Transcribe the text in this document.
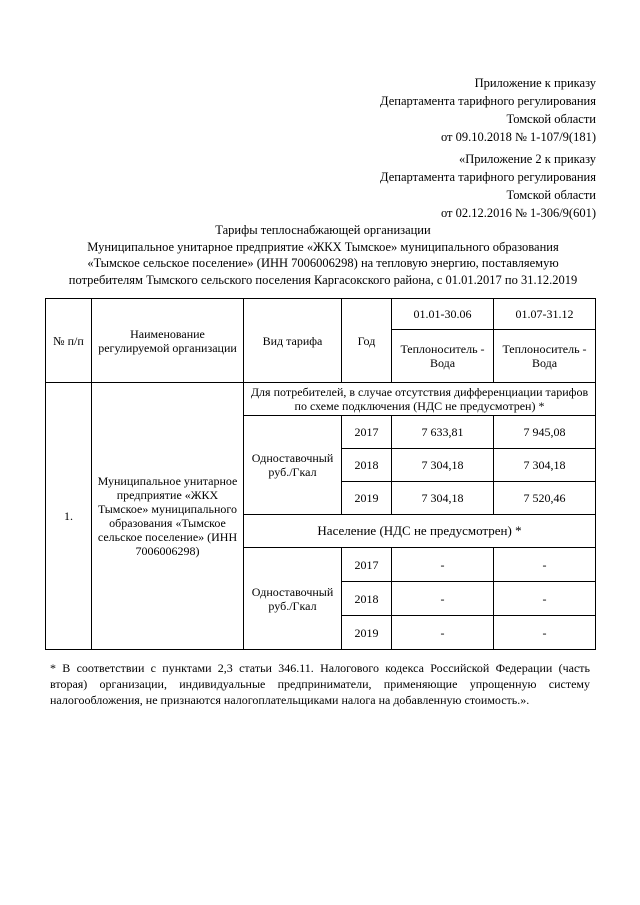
Приложение к приказу
Департамента тарифного регулирования
Томской области
от 09.10.2018 № 1-107/9(181)
«Приложение 2 к приказу
Департамента тарифного регулирования
Томской области
от 02.12.2016 № 1-306/9(601)
Тарифы теплоснабжающей организации
Муниципальное унитарное предприятие «ЖКХ Тымское» муниципального образования
«Тымское сельское поселение» (ИНН 7006006298) на тепловую энергию, поставляемую
потребителям Тымского сельского поселения Каргасокского района, с 01.01.2017 по 31.12.2019
№ п/п	Наименование регулируемой организации	Вид тарифа	Год	01.01-30.06	01.07-31.12
				Теплоноситель - Вода	Теплоноситель - Вода
1.	Муниципальное унитарное предприятие «ЖКХ Тымское» муниципального образования «Тымское сельское поселение» (ИНН 7006006298)	Для потребителей, в случае отсутствия дифференциации тарифов по схеме подключения (НДС не предусмотрен) *			
		Одноставочный руб./Гкал	2017	7 633,81	7 945,08
			2018	7 304,18	7 304,18
			2019	7 304,18	7 520,46
		Население (НДС не предусмотрен) *			
		Одноставочный руб./Гкал	2017	-	-
			2018	-	-
			2019	-	-
* В соответствии с пунктами 2,3 статьи 346.11. Налогового кодекса Российской Федерации (часть вторая) организации, индивидуальные предприниматели, применяющие упрощенную систему налогообложения, не признаются налогоплательщиками налога на добавленную стоимость.».
